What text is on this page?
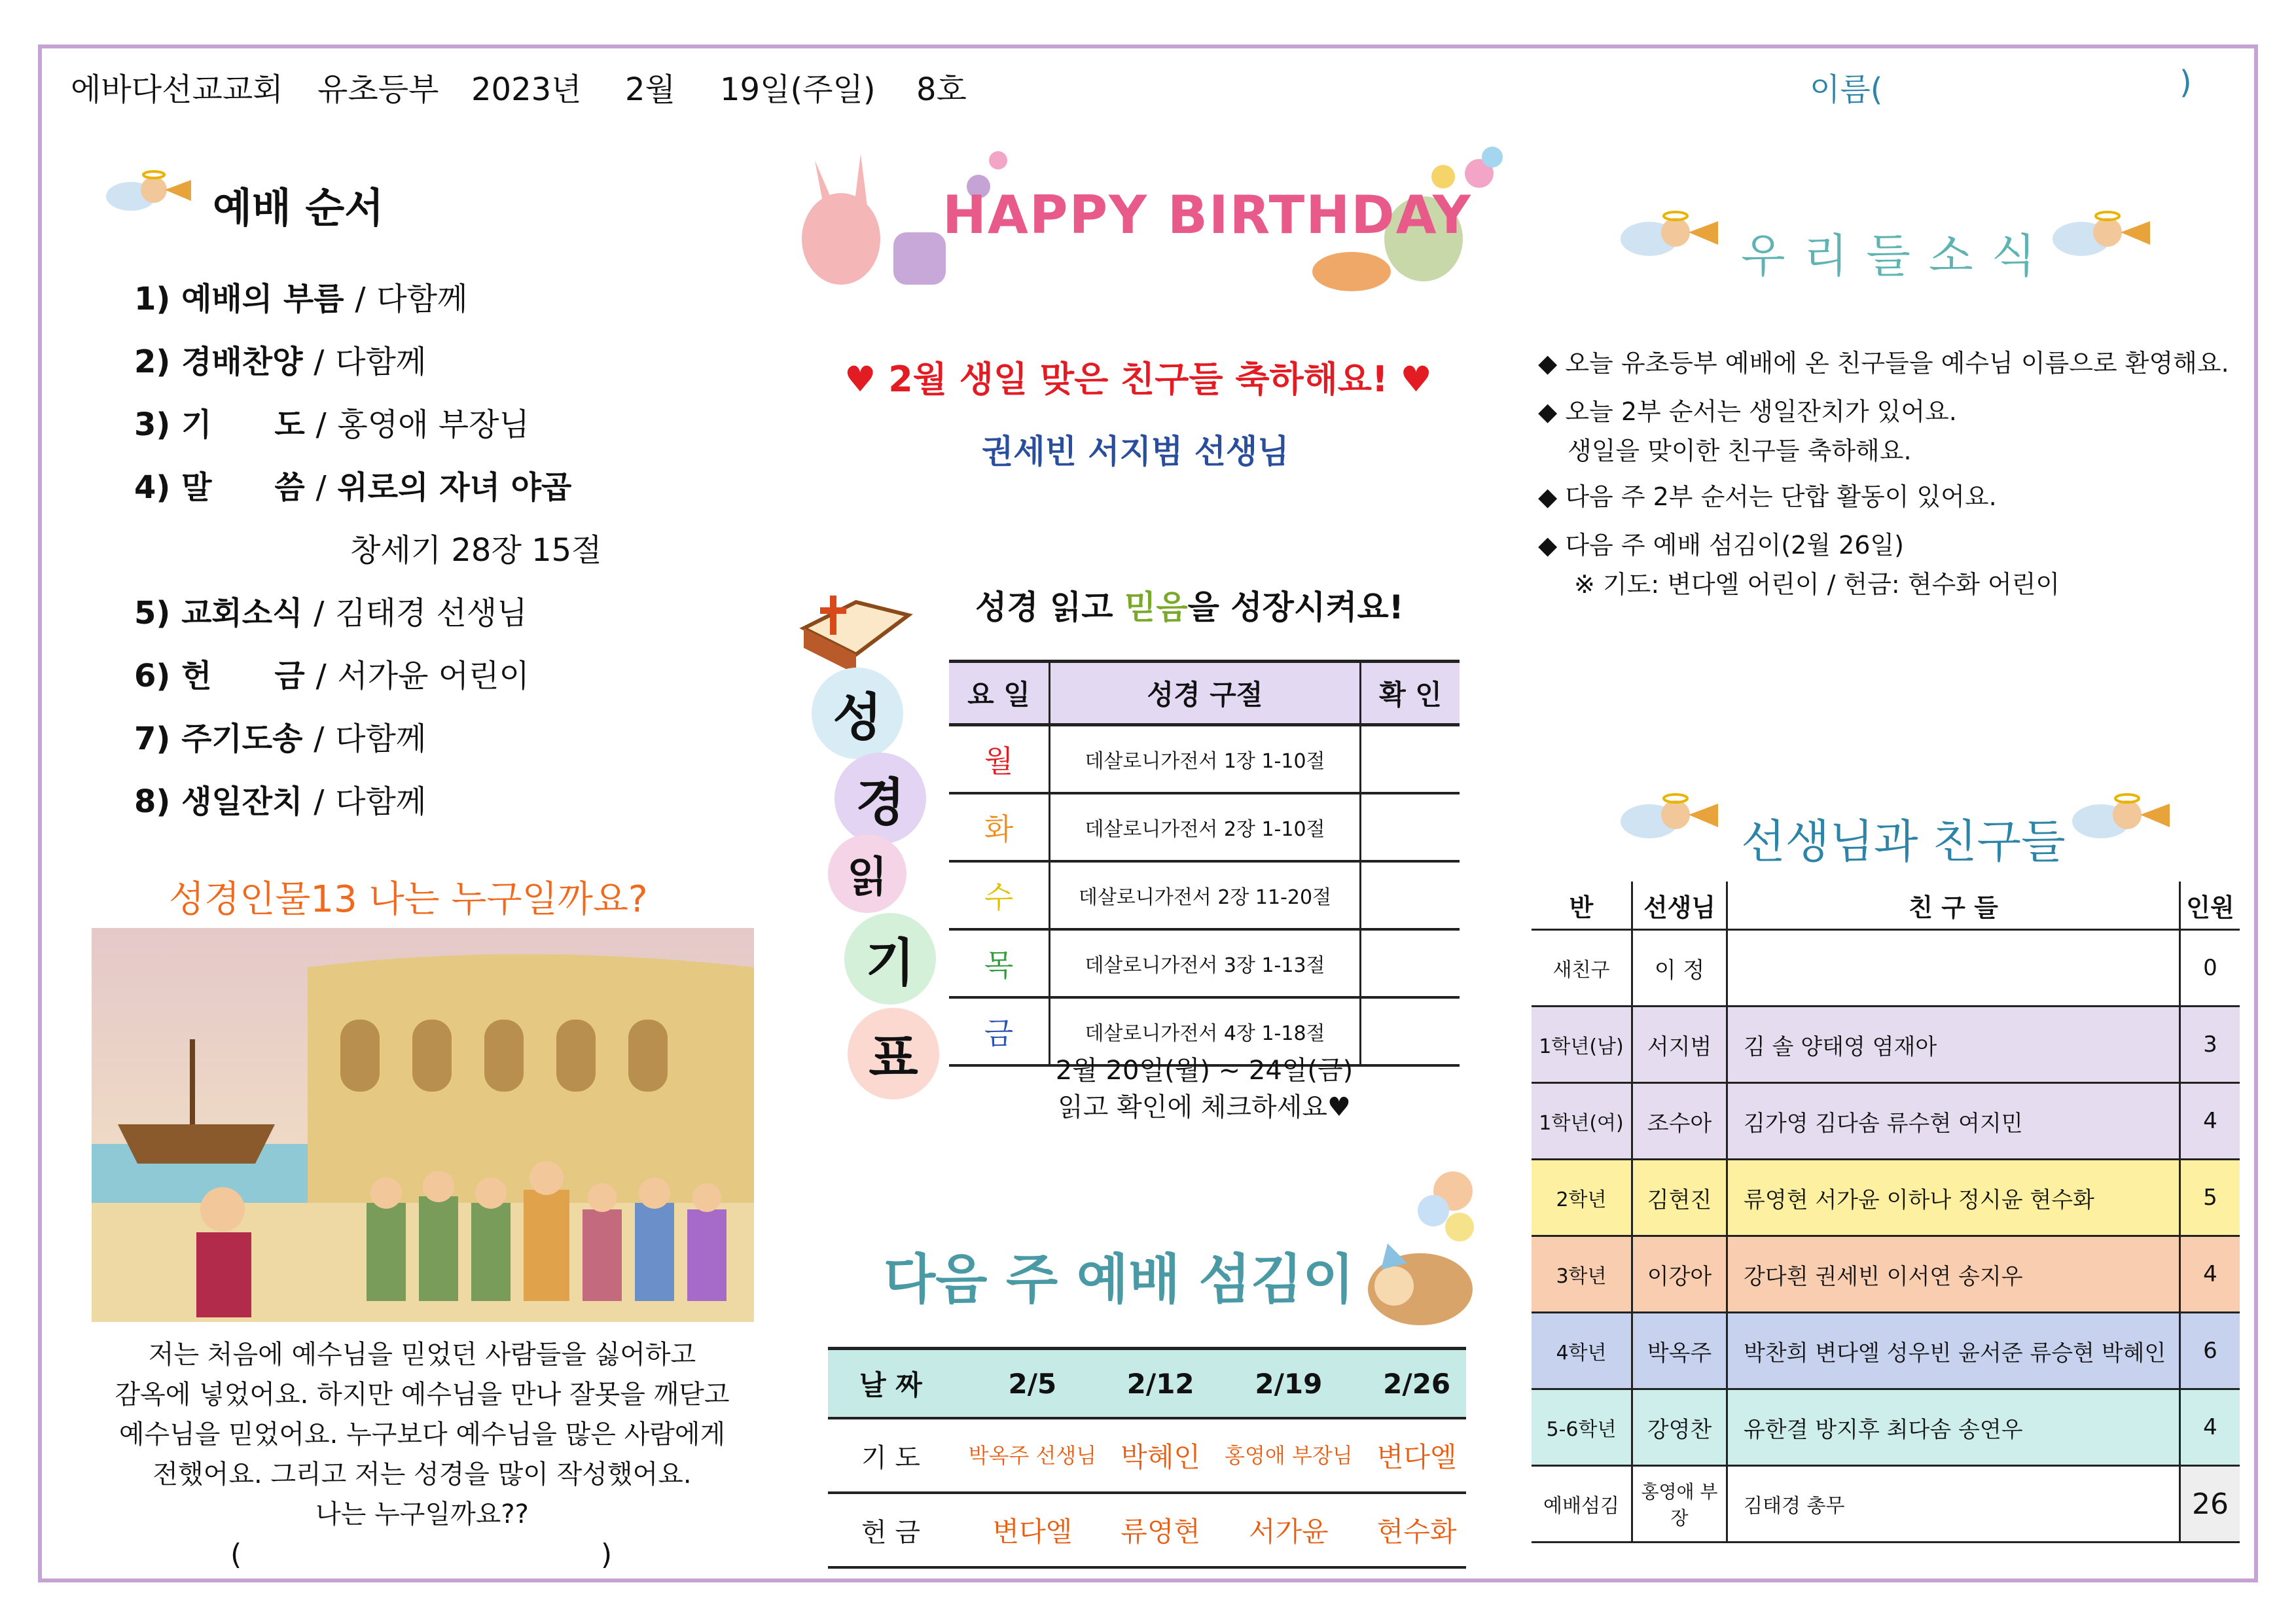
에바다선교교회 유초등부 2023년 2월 19일(주일) 8호	이름(	)
예배 순서
1) 예배의 부름 / 다함께
2) 경배찬양 / 다함께
3) 기　　도 / 홍영애 부장님
4) 말　　씀 / 위로의 자녀 야곱
창세기 28장 15절
5) 교회소식 / 김태경 선생님
6) 헌　　금 / 서가윤 어린이
7) 주기도송 / 다함께
8) 생일잔치 / 다함께
성경인물13 나는 누구일까요?
저는 처음에 예수님을 믿었던 사람들을 싫어하고
감옥에 넣었어요. 하지만 예수님을 만나 잘못을 깨닫고
예수님을 믿었어요. 누구보다 예수님을 많은 사람에게
전했어요. 그리고 저는 성경을 많이 작성했어요.
나는 누구일까요??
(	)
HAPPY BIRTHDAY
♥ 2월 생일 맞은 친구들 축하해요! ♥
권세빈 서지범 선생님
성
경
읽
기
표
성경 읽고 믿음을 성장시켜요!
요 일	성경 구절	확 인
월	데살로니가전서 1장 1-10절	
화	데살로니가전서 2장 1-10절	
수	데살로니가전서 2장 11-20절	
목	데살로니가전서 3장 1-13절	
금	데살로니가전서 4장 1-18절	
2월 20일(월) ~ 24일(금)
읽고 확인에 체크하세요♥
다음 주 예배 섬김이
날 짜	2/5	2/12	2/19	2/26
기 도	박옥주 선생님	박혜인	홍영애 부장님	변다엘
헌 금	변다엘	류영현	서가윤	현수화
우리들소식
◆ 오늘 유초등부 예배에 온 친구들을 예수님 이름으로 환영해요.
◆ 오늘 2부 순서는 생일잔치가 있어요.
생일을 맞이한 친구들 축하해요.
◆ 다음 주 2부 순서는 단합 활동이 있어요.
◆ 다음 주 예배 섬김이(2월 26일)
※ 기도: 변다엘 어린이 / 헌금: 현수화 어린이
선생님과 친구들
반	선생님	친 구 들	인원
새친구	이 정		0
1학년(남)	서지범	김 솔 양태영 염재아	3
1학년(여)	조수아	김가영 김다솜 류수현 여지민	4
2학년	김현진	류영현 서가윤 이하나 정시윤 현수화	5
3학년	이강아	강다흰 권세빈 이서연 송지우	4
4학년	박옥주	박찬희 변다엘 성우빈 윤서준 류승현 박혜인	6
5-6학년	강영찬	유한결 방지후 최다솜 송연우	4
예배섬김	홍영애 부장	김태경 총무	26
